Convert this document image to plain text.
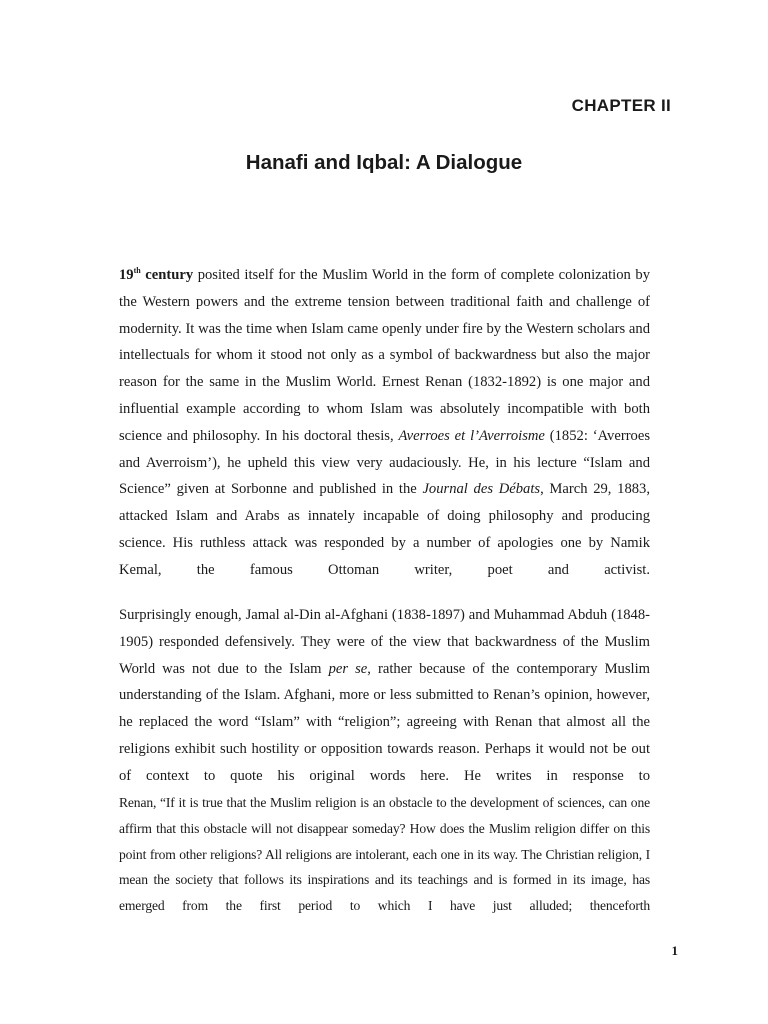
CHAPTER II
Hanafi and Iqbal: A Dialogue

19th century posited itself for the Muslim World in the form of complete colonization by the Western powers and the extreme tension between traditional faith and challenge of modernity. It was the time when Islam came openly under fire by the Western scholars and intellectuals for whom it stood not only as a symbol of backwardness but also the major reason for the same in the Muslim World. Ernest Renan (1832-1892) is one major and influential example according to whom Islam was absolutely incompatible with both science and philosophy. In his doctoral thesis, Averroes et l’Averroisme (1852: ‘Averroes and Averroism’), he upheld this view very audaciously. He, in his lecture “Islam and Science” given at Sorbonne and published in the Journal des Débats, March 29, 1883, attacked Islam and Arabs as innately incapable of doing philosophy and producing science. His ruthless attack was responded by a number of apologies one by Namik Kemal, the famous Ottoman writer, poet and activist.

Surprisingly enough, Jamal al-Din al-Afghani (1838-1897) and Muhammad Abduh (1848-1905) responded defensively. They were of the view that backwardness of the Muslim World was not due to the Islam per se, rather because of the contemporary Muslim understanding of the Islam. Afghani, more or less submitted to Renan’s opinion, however, he replaced the word “Islam” with “religion”; agreeing with Renan that almost all the religions exhibit such hostility or opposition towards reason. Perhaps it would not be out of context to quote his original words here. He writes in response to

Renan, “If it is true that the Muslim religion is an obstacle to the development of sciences, can one affirm that this obstacle will not disappear someday? How does the Muslim religion differ on this point from other religions? All religions are intolerant, each one in its way. The Christian religion, I mean the society that follows its inspirations and its teachings and is formed in its image, has emerged from the first period to which I have just alluded; thenceforth

1
